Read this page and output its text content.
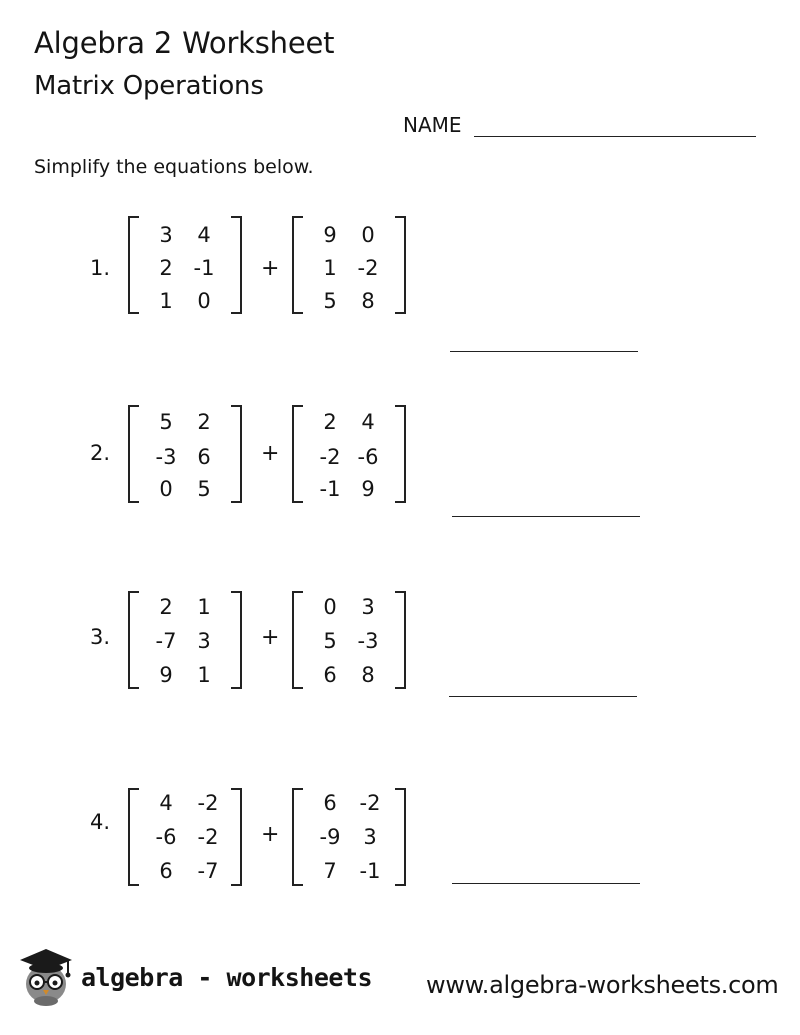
Algebra 2 Worksheet
Matrix Operations
NAME
Simplify the equations below.
1.
3	4
2 -1
1	0
+
9	0
1 -2
5	8
2.
5	2
-3 6
0	5
+
2	4
-2 -6
-1 9
3.
2	1
-7 3
9	1
+
0	3
5 -3
6	8
4.
4	-2
-6	-2
6	-7
+
6	-2
-9	3
7	-1
algebra - worksheets www.algebra-worksheets.com
